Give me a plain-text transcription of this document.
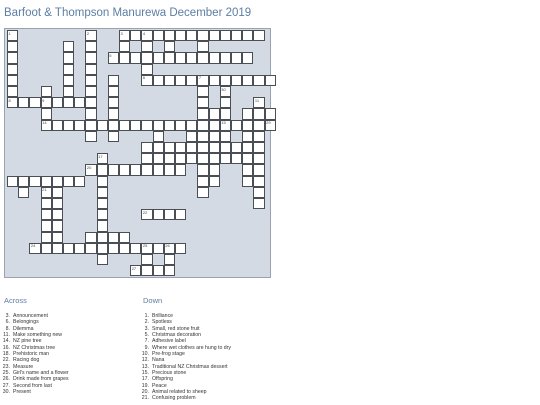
Barfoot & Thompson Manurewa December 2019
1
8
2	3	4
6	7
9
14
11
30
15	29
17
21
26
5
20
22
24	25
27
Across
3. Announcement
6. Belongings
8. Dilemma
11. Make something new
14. NZ pine tree
16. NZ Christmas tree
18. Prehistoric man
22. Racing dog
23. Measure
25. Girl's name and a flower
26. Drink made from grapes
27. Second from last
30. Present
Down
1. Brilliance
2. Spotless
3. Small, red stone fruit
5. Christmas decoration
7. Adhesive label
9. Where wet clothes are hung to dry
10. Pre-frog stage
12. Nana
13. Traditional NZ Christmas dessert
15. Precious stone
17. Offspring
19. Peace
20. Animal related to sheep
21. Confusing problem
